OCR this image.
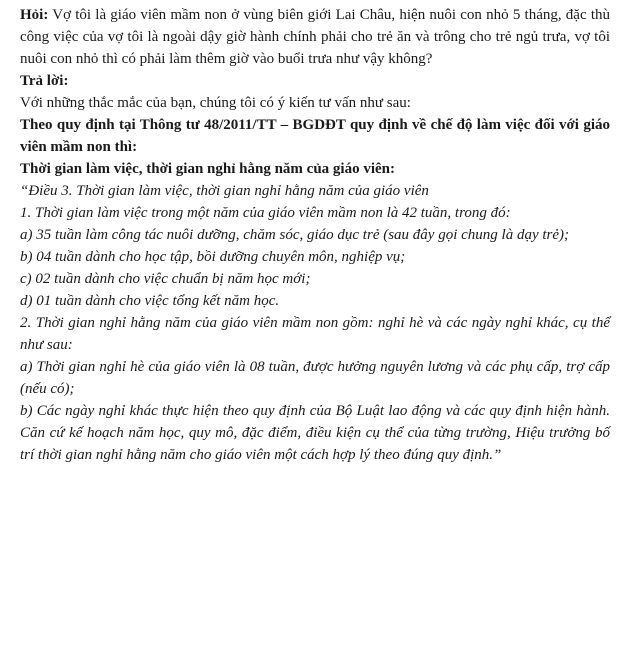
Hỏi: Vợ tôi là giáo viên mầm non ở vùng biên giới Lai Châu, hiện nuôi con nhỏ 5 tháng, đặc thù công việc của vợ tôi là ngoài dậy giờ hành chính phải cho trẻ ăn và trông cho trẻ ngủ trưa, vợ tôi nuôi con nhỏ thì có phải làm thêm giờ vào buổi trưa như vậy không?

Trả lời:

Với những thắc mắc của bạn, chúng tôi có ý kiến tư vấn như sau:

Theo quy định tại Thông tư 48/2011/TT – BGDĐT quy định về chế độ làm việc đối với giáo viên mầm non thì:

Thời gian làm việc, thời gian nghỉ hằng năm của giáo viên:

“Điều 3. Thời gian làm việc, thời gian nghỉ hằng năm của giáo viên

1. Thời gian làm việc trong một năm của giáo viên mầm non là 42 tuần, trong đó:

a) 35 tuần làm công tác nuôi dưỡng, chăm sóc, giáo dục trẻ (sau đây gọi chung là dạy trẻ);

b) 04 tuần dành cho học tập, bồi dưỡng chuyên môn, nghiệp vụ;

c) 02 tuần dành cho việc chuẩn bị năm học mới;

d) 01 tuần dành cho việc tổng kết năm học.

2. Thời gian nghỉ hằng năm của giáo viên mầm non gồm: nghỉ hè và các ngày nghỉ khác, cụ thể như sau:

a) Thời gian nghỉ hè của giáo viên là 08 tuần, được hưởng nguyên lương và các phụ cấp, trợ cấp (nếu có);

b) Các ngày nghỉ khác thực hiện theo quy định của Bộ Luật lao động và các quy định hiện hành. Căn cứ kế hoạch năm học, quy mô, đặc điểm, điều kiện cụ thể của từng trường, Hiệu trưởng bố trí thời gian nghỉ hằng năm cho giáo viên một cách hợp lý theo đúng quy định.”
